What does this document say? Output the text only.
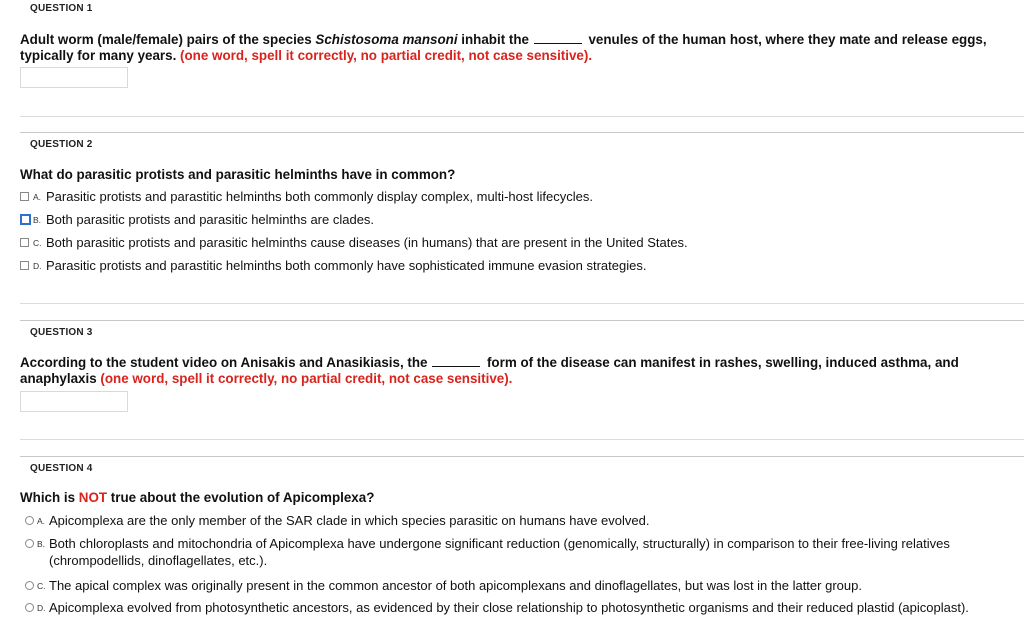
QUESTION 1
Adult worm (male/female) pairs of the species Schistosoma mansoni inhabit the	venules of the human host, where they mate and release eggs, typically for many years. (one word, spell it correctly, no partial credit, not case sensitive).
QUESTION 2
What do parasitic protists and parasitic helminths have in common?
A. Parasitic protists and parastitic helminths both commonly display complex, multi-host lifecycles.
B. Both parasitic protists and parasitic helminths are clades.
C. Both parasitic protists and parasitic helminths cause diseases (in humans) that are present in the United States.
D. Parasitic protists and parastitic helminths both commonly have sophisticated immune evasion strategies.
QUESTION 3
According to the student video on Anisakis and Anasikiasis, the	form of the disease can manifest in rashes, swelling, induced asthma, and anaphylaxis (one word, spell it correctly, no partial credit, not case sensitive).
QUESTION 4
Which is NOT true about the evolution of Apicomplexa?
A. Apicomplexa are the only member of the SAR clade in which species parasitic on humans have evolved.
B. Both chloroplasts and mitochondria of Apicomplexa have undergone significant reduction (genomically, structurally) in comparison to their free-living relatives (chrompodellids, dinoflagellates, etc.).
C. The apical complex was originally present in the common ancestor of both apicomplexans and dinoflagellates, but was lost in the latter group.
D. Apicomplexa evolved from photosynthetic ancestors, as evidenced by their close relationship to photosynthetic organisms and their reduced plastid (apicoplast).
